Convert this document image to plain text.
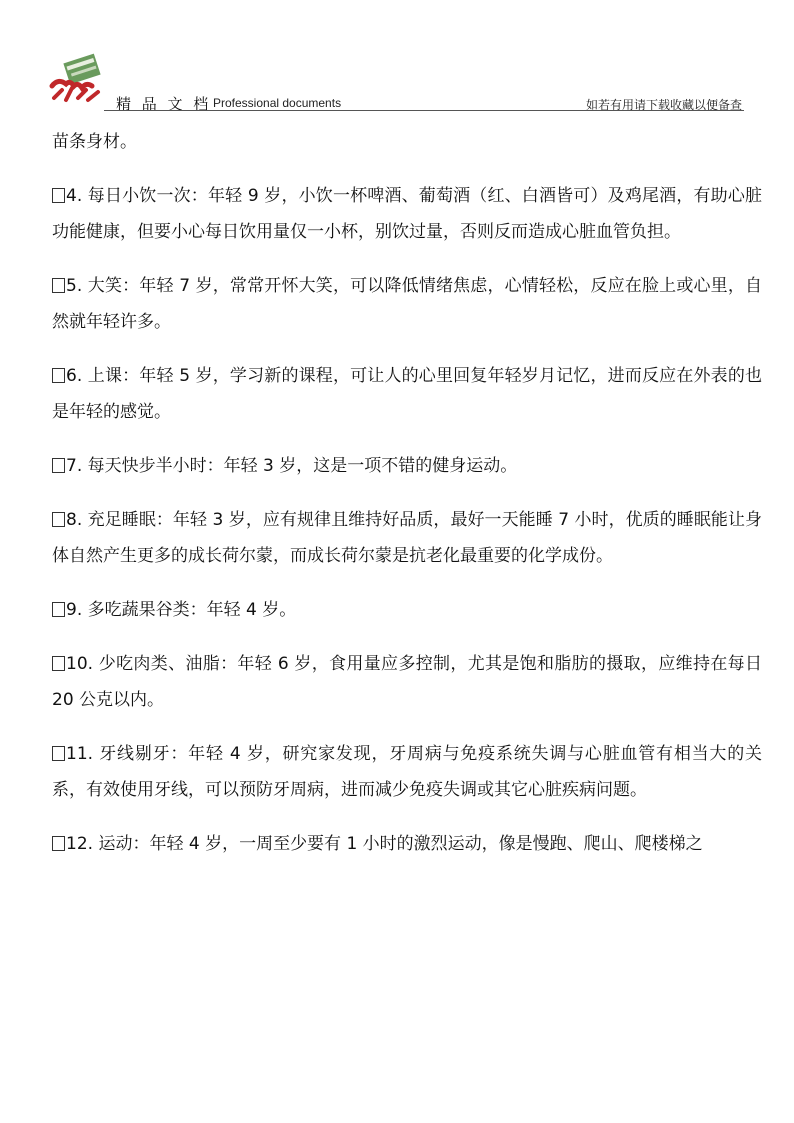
精 品 文 档 Professional documents	如若有用请下载收藏以便备查

苗条身材。

4. 每日小饮一次：年轻 9 岁，小饮一杯啤酒、葡萄酒（红、白酒皆可）及鸡尾酒，有助心脏功能健康，但要小心每日饮用量仅一小杯，别饮过量，否则反而造成心脏血管负担。

5. 大笑：年轻 7 岁，常常开怀大笑，可以降低情绪焦虑，心情轻松，反应在脸上或心里，自然就年轻许多。

6. 上课：年轻 5 岁，学习新的课程，可让人的心里回复年轻岁月记忆，进而反应在外表的也是年轻的感觉。

7. 每天快步半小时：年轻 3 岁，这是一项不错的健身运动。

8. 充足睡眠：年轻 3 岁，应有规律且维持好品质，最好一天能睡 7 小时，优质的睡眠能让身体自然产生更多的成长荷尔蒙，而成长荷尔蒙是抗老化最重要的化学成份。

9. 多吃蔬果谷类：年轻 4 岁。

10. 少吃肉类、油脂：年轻 6 岁，食用量应多控制，尤其是饱和脂肪的摄取，应维持在每日 20 公克以内。

11. 牙线剔牙：年轻 4 岁，研究家发现，牙周病与免疫系统失调与心脏血管有相当大的关系，有效使用牙线，可以预防牙周病，进而减少免疫失调或其它心脏疾病问题。

12. 运动：年轻 4 岁，一周至少要有 1 小时的激烈运动，像是慢跑、爬山、爬楼梯之
